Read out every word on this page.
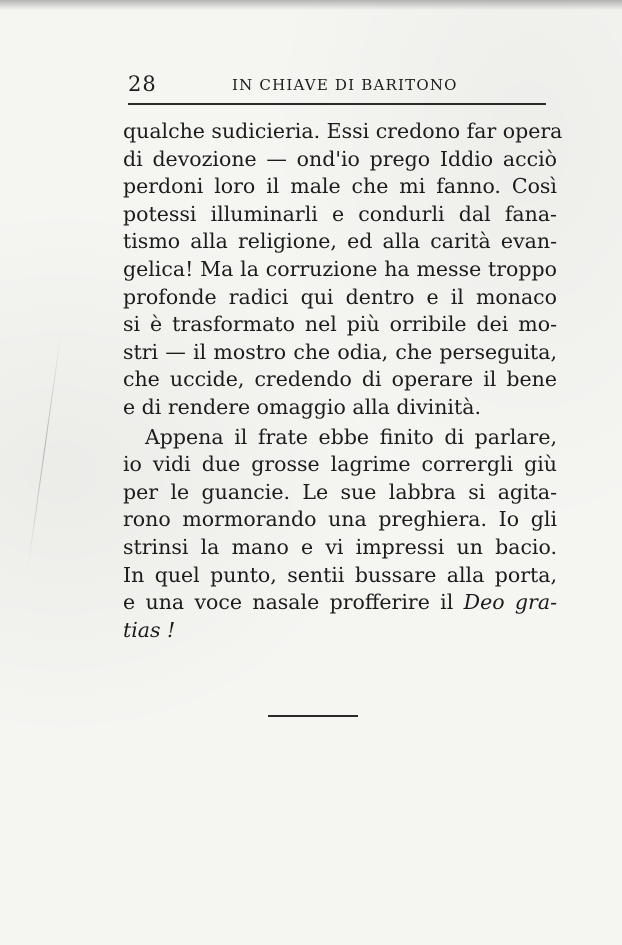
28	IN CHIAVE DI BARITONO
qualche sudicieria. Essi credono far opera
di devozione — ond'io prego Iddio acciò
perdoni loro il male che mi fanno. Così
potessi illuminarli e condurli dal fana-
tismo alla religione, ed alla carità evan-
gelica! Ma la corruzione ha messe troppo
profonde radici qui dentro e il monaco
si è trasformato nel più orribile dei mo-
stri — il mostro che odia, che perseguita,
che uccide, credendo di operare il bene
e di rendere omaggio alla divinità.
Appena il frate ebbe finito di parlare,
io vidi due grosse lagrime corrergli giù
per le guancie. Le sue labbra si agita-
rono mormorando una preghiera. Io gli
strinsi la mano e vi impressi un bacio.
In quel punto, sentii bussare alla porta,
e una voce nasale profferire il Deo gra-
tias !
